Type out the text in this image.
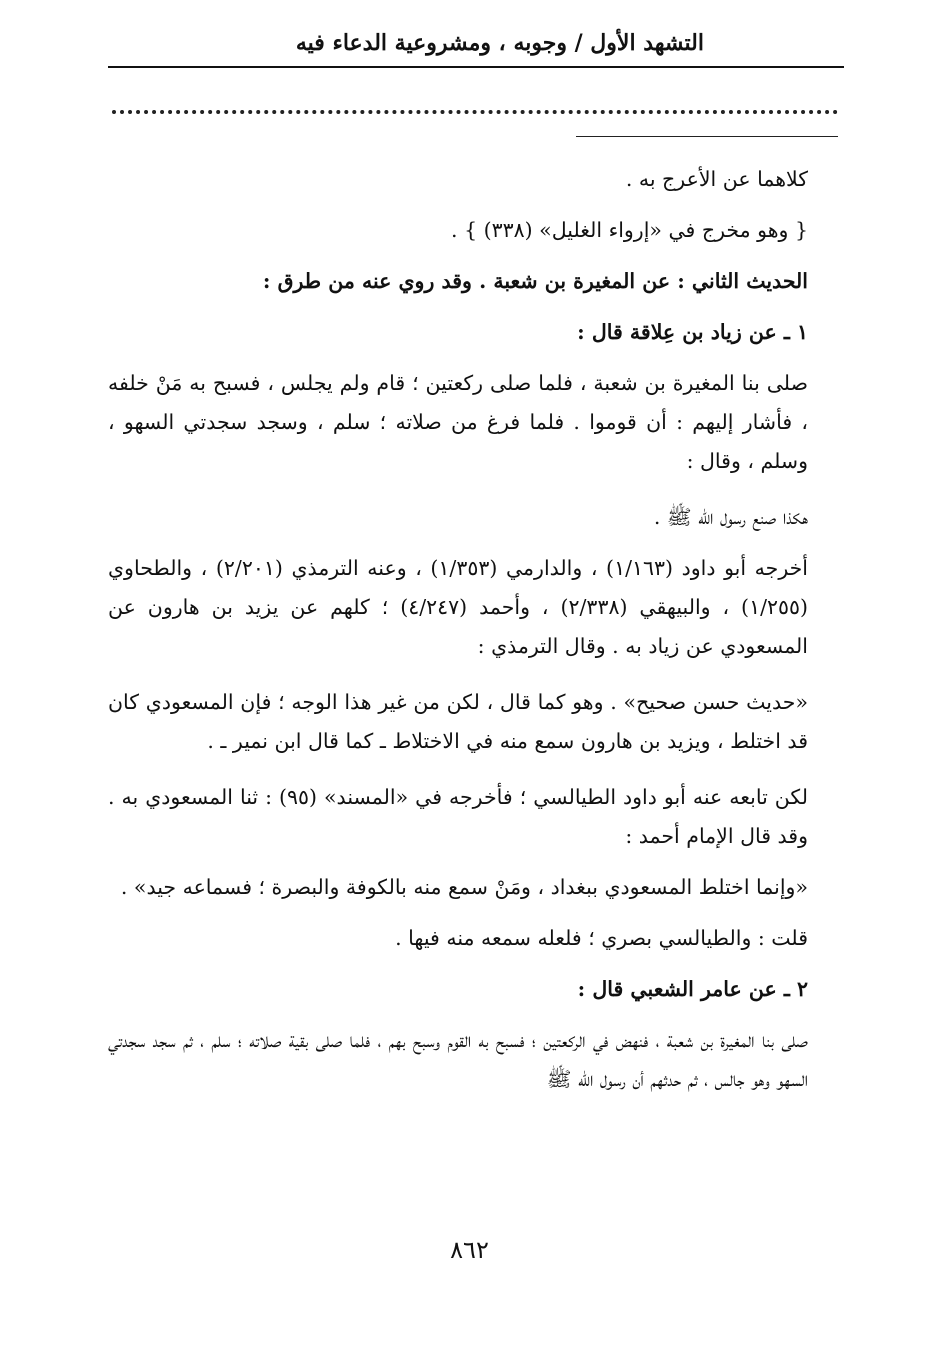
التشهد الأول / وجوبه ، ومشروعية الدعاء فيه

كلاهما عن الأعرج به .

{ وهو مخرج في «إرواء الغليل» (٣٣٨) } .

الحديث الثاني : عن المغيرة بن شعبة . وقد روي عنه من طرق :

١ ـ عن زياد بن عِلاقة قال :

صلى بنا المغيرة بن شعبة ، فلما صلى ركعتين ؛ قام ولم يجلس ، فسبح به مَنْ خلفه ، فأشار إليهم : أن قوموا . فلما فرغ من صلاته ؛ سلم ، وسجد سجدتي السهو ، وسلم ، وقال :

هكذا صنع رسول الله ﷺ .

أخرجه أبو داود (١/١٦٣) ، والدارمي (١/٣٥٣) ، وعنه الترمذي (٢/٢٠١) ، والطحاوي (١/٢٥٥) ، والبيهقي (٢/٣٣٨) ، وأحمد (٤/٢٤٧) ؛ كلهم عن يزيد بن هارون عن المسعودي عن زياد به . وقال الترمذي :

«حديث حسن صحيح» . وهو كما قال ، لكن من غير هذا الوجه ؛ فإن المسعودي كان قد اختلط ، ويزيد بن هارون سمع منه في الاختلاط ـ كما قال ابن نمير ـ .

لكن تابعه عنه أبو داود الطيالسي ؛ فأخرجه في «المسند» (٩٥) : ثنا المسعودي به . وقد قال الإمام أحمد :

«وإنما اختلط المسعودي ببغداد ، ومَنْ سمع منه بالكوفة والبصرة ؛ فسماعه جيد» .

قلت : والطيالسي بصري ؛ فلعله سمعه منه فيها .

٢ ـ عن عامر الشعبي قال :

صلى بنا المغيرة بن شعبة ، فنهض في الركعتين ؛ فسبح به القوم وسبح بهم ، فلما صلى بقية صلاته ؛ سلم ، ثم سجد سجدتي السهو وهو جالس ، ثم حدثهم أن رسول الله ﷺ

٨٦٢
